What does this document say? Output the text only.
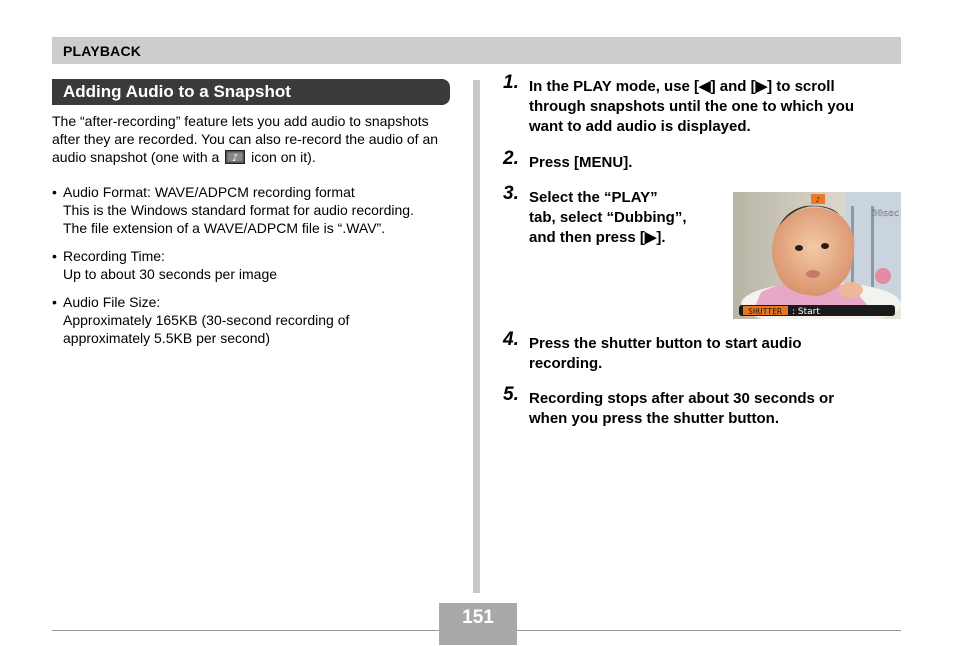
PLAYBACK
Adding Audio to a Snapshot
The “after-recording” feature lets you add audio to snapshots after they are recorded. You can also re-record the audio of an audio snapshot (one with a ♪ icon on it).
• Audio Format: WAVE/ADPCM recording format
This is the Windows standard format for audio recording.
The file extension of a WAVE/ADPCM file is “.WAV”.
• Recording Time:
Up to about 30 seconds per image
• Audio File Size:
Approximately 165KB (30-second recording of
approximately 5.5KB per second)
1. In the PLAY mode, use [◀] and [▶] to scroll
through snapshots until the one to which you
want to add audio is displayed.
2. Press [MENU].
3. Select the “PLAY”
tab, select “Dubbing”,
and then press [▶].
♪
30sec
SHUTTER : Start
4. Press the shutter button to start audio
recording.
5. Recording stops after about 30 seconds or
when you press the shutter button.
151
